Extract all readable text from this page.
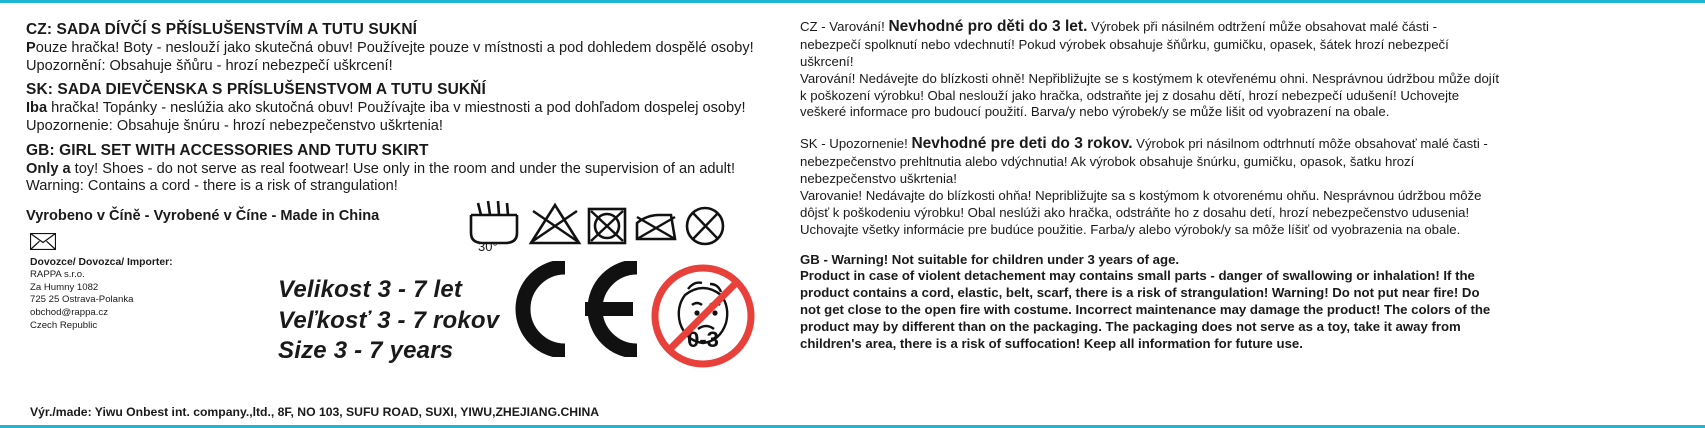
CZ: SADA DÍVČÍ S PŘÍSLUŠENSTVÍM A TUTU SUKNÍ
Pouze hračka! Boty - neslouží jako skutečná obuv! Používejte pouze v místnosti a pod dohledem dospělé osoby! Upozornění: Obsahuje šňůru - hrozí nebezpečí uškrcení!
SK: SADA DIEVČENSKA S PRÍSLUŠENSTVOM A TUTU SUKŇÍ
Iba hračka! Topánky - neslúžia ako skutočná obuv! Používajte iba v miestnosti a pod dohľadom dospelej osoby! Upozornenie: Obsahuje šnúru - hrozí nebezpečenstvo uškrtenia!
GB: GIRL SET WITH ACCESSORIES AND TUTU SKIRT
Only a toy! Shoes - do not serve as real footwear! Use only in the room and under the supervision of an adult! Warning: Contains a cord - there is a risk of strangulation!
Vyrobeno v Číně - Vyrobené v Číne - Made in China
Dovozce/ Dovozca/ Importer:
RAPPA s.r.o.
Za Humny 1082
725 25 Ostrava-Polanka
obchod@rappa.cz
Czech Republic
30°
Velikost 3 - 7 let
Veľkosť 3 - 7 rokov
Size 3 - 7 years	0-3
CZ - Varování! Nevhodné pro děti do 3 let. Výrobek při násilném odtržení může obsahovat malé části - nebezpečí spolknutí nebo vdechnutí! Pokud výrobek obsahuje šňůrku, gumičku, opasek, šátek hrozí nebezpečí uškrcení!
Varování! Nedávejte do blízkosti ohně! Nepřibližujte se s kostýmem k otevřenému ohni. Nesprávnou údržbou může dojít k poškození výrobku! Obal neslouží jako hračka, odstraňte jej z dosahu dětí, hrozí nebezpečí udušení! Uchovejte veškeré informace pro budoucí použití. Barva/y nebo výrobek/y se může lišit od vyobrazení na obale.
SK - Upozornenie! Nevhodné pre deti do 3 rokov. Výrobok pri násilnom odtrhnutí môže obsahovať malé časti - nebezpečenstvo prehltnutia alebo vdýchnutia! Ak výrobok obsahuje šnúrku, gumičku, opasok, šatku hrozí nebezpečenstvo uškrtenia!
Varovanie! Nedávajte do blízkosti ohňa! Nepribližujte sa s kostýmom k otvorenému ohňu. Nesprávnou údržbou môže dôjsť k poškodeniu výrobku! Obal neslúži ako hračka, odstráňte ho z dosahu detí, hrozí nebezpečenstvo udusenia! Uchovajte všetky informácie pre budúce použitie. Farba/y alebo výrobok/y sa môže líšiť od vyobrazenia na obale.
GB - Warning! Not suitable for children under 3 years of age.
Product in case of violent detachement may contains small parts - danger of swallowing or inhalation! If the product contains a cord, elastic, belt, scarf, there is a risk of strangulation! Warning! Do not put near fire! Do not get close to the open fire with costume. Incorrect maintenance may damage the product! The colors of the product may by different than on the packaging. The packaging does not serve as a toy, take it away from children's area, there is a risk of suffocation! Keep all information for future use.
Výr./made: Yiwu Onbest int. company.,ltd., 8F, NO 103, SUFU ROAD, SUXI, YIWU,ZHEJIANG.CHINA
